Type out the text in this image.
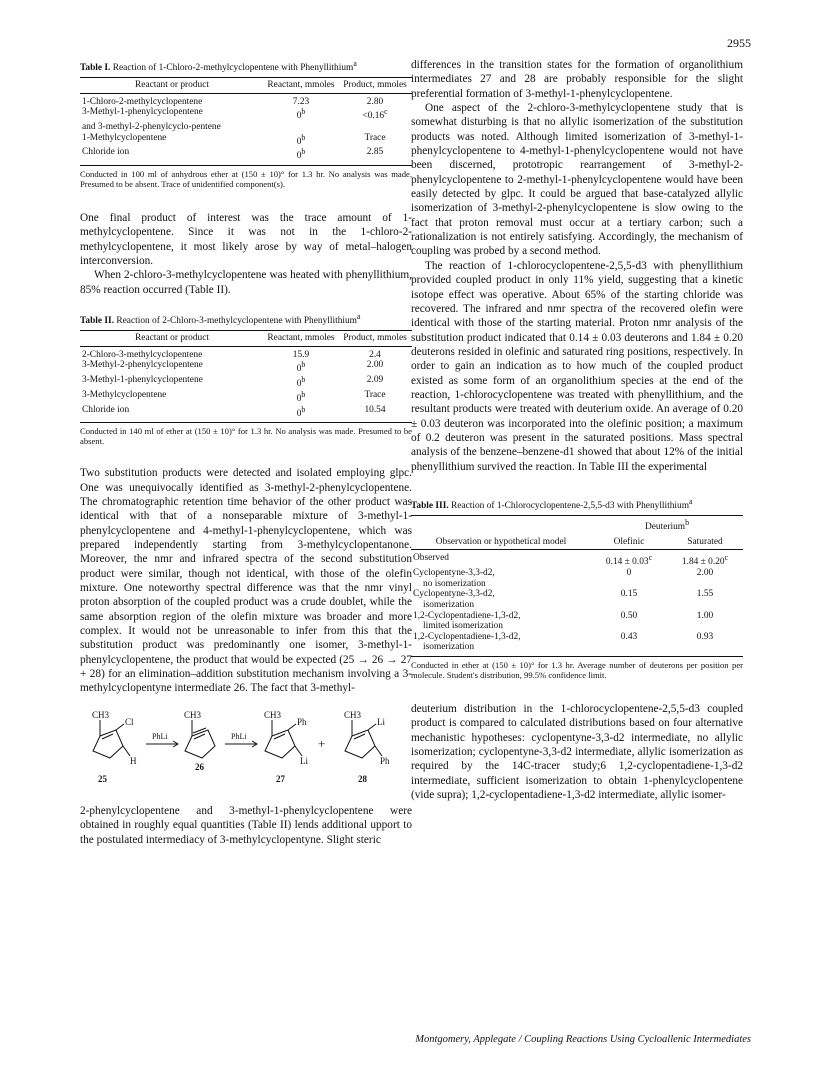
2955
Table I. Reaction of 1-Chloro-2-methylcyclopentene with Phenyllithium$^a$
Reactant or product	Reactant, mmoles	Product, mmoles
1-Chloro-2-methylcyclopentene	7.23	2.80
3-Methyl-1-phenylcyclopentene	$0^b$	<0.16$^c$
and 3-methyl-2-phenylcyclo-pentene		
1-Methylcyclopentene	0$^b$	Trace
Chloride ion	0$^b$	2.85
Conducted in 100 ml of anhydrous ether at (150 ± 10)° for 1.3 hr. No analysis was made. Presumed to be absent. Trace of unidentified component(s).

One final product of interest was the trace amount of 1-methylcyclopentene. Since it was not in the 1-chloro-2-methylcyclopentene, it most likely arose by way of metal–halogen interconversion.

When 2-chloro-3-methylcyclopentene was heated with phenyllithium, 85% reaction occurred (Table II).

Table II. Reaction of 2-Chloro-3-methylcyclopentene with Phenyllithium$^a$
Reactant or product	Reactant, mmoles	Product, mmoles
2-Chloro-3-methylcyclopentene	15.9	2.4
3-Methyl-2-phenylcyclopentene	0$^b$	2.00
3-Methyl-1-phenylcyclopentene	0$^b$	2.09
3-Methylcyclopentene	0$^b$	Trace
Chloride ion	0$^b$	10.54
Conducted in 140 ml of ether at (150 ± 10)° for 1.3 hr. No analysis was made. Presumed to be absent.

Two substitution products were detected and isolated employing glpc. One was unequivocally identified as 3-methyl-2-phenylcyclopentene. The chromatographic retention time behavior of the other product was identical with that of a nonseparable mixture of 3-methyl-1-phenylcyclopentene and 4-methyl-1-phenylcyclopentene, which was prepared independently starting from 3-methylcyclopentanone. Moreover, the nmr and infrared spectra of the second substitution product were similar, though not identical, with those of the olefin mixture. One noteworthy spectral difference was that the nmr vinyl proton absorption of the coupled product was a crude doublet, while the same absorption region of the olefin mixture was broader and more complex. It would not be unreasonable to infer from this that the substitution product was predominantly one isomer, 3-methyl-1-phenylcyclopentene, the product that would be expected (25 → 26 → 27 + 28) for an elimination–addition substitution mechanism involving a 3-methylcyclopentyne intermediate 26. The fact that 3-methyl-

CH3
Cl
H
25
PhLi
CH3
26
PhLi
CH3
Ph
Li
27
+
CH3
Li
Ph
28

2-phenylcyclopentene and 3-methyl-1-phenylcyclopentene were obtained in roughly equal quantities (Table II) lends additional upport to the postulated intermediacy of 3-methylcyclopentyne. Slight steric

differences in the transition states for the formation of organolithium intermediates 27 and 28 are probably responsible for the slight preferential formation of 3-methyl-1-phenylcyclopentene.

One aspect of the 2-chloro-3-methylcyclopentene study that is somewhat disturbing is that no allylic isomerization of the substitution products was noted. Although limited isomerization of 3-methyl-1-phenylcyclopentene to 4-methyl-1-phenylcyclopentene would not have been discerned, prototropic rearrangement of 3-methyl-2-phenylcyclopentene to 2-methyl-1-phenylcyclopentene would have been easily detected by glpc. It could be argued that base-catalyzed allylic isomerization of 3-methyl-2-phenylcyclopentene is slow owing to the fact that proton removal must occur at a tertiary carbon; such a rationalization is not entirely satisfying. Accordingly, the mechanism of coupling was probed by a second method.

The reaction of 1-chlorocyclopentene-2,5,5-d3 with phenyllithium provided coupled product in only 11% yield, suggesting that a kinetic isotope effect was operative. About 65% of the starting chloride was recovered. The infrared and nmr spectra of the recovered olefin were identical with those of the starting material. Proton nmr analysis of the substitution product indicated that 0.14 ± 0.03 deuterons and 1.84 ± 0.20 deuterons resided in olefinic and saturated ring positions, respectively. In order to gain an indication as to how much of the coupled product existed as some form of an organolithium species at the end of the reaction, 1-chlorocyclopentene was treated with phenyllithium, and the resultant products were treated with deuterium oxide. An average of 0.20 ± 0.03 deuteron was incorporated into the olefinic position; a maximum of 0.2 deuteron was present in the saturated positions. Mass spectral analysis of the benzene–benzene-d1 showed that about 12% of the initial phenyllithium survived the reaction. In Table III the experimental

Table III. Reaction of 1-Chlorocyclopentene-2,5,5-d3 with Phenyllithium$^a$
Observation or hypothetical model	Deuterium$^b$
	Olefinic	Saturated
Observed	0.14 ± 0.03$^c$	1.84 ± 0.20$^c$
Cyclopentyne-3,3-d2,
no isomerization	0	2.00
Cyclopentyne-3,3-d2,
isomerization	0.15	1.55
1,2-Cyclopentadiene-1,3-d2,
limited isomerization	0.50	1.00
1,2-Cyclopentadiene-1,3-d2,
isomerization	0.43	0.93
Conducted in ether at (150 ± 10)° for 1.3 hr. Average number of deuterons per position per molecule. Student's distribution, 99.5% confidence limit.

deuterium distribution in the 1-chlorocyclopentene-2,5,5-d3 coupled product is compared to calculated distributions based on four alternative mechanistic hypotheses: cyclopentyne-3,3-d2 intermediate, no allylic isomerization; cyclopentyne-3,3-d2 intermediate, allylic isomerization as required by the 14C-tracer study;6 1,2-cyclopentadiene-1,3-d2 intermediate, sufficient isomerization to obtain 1-phenylcyclopentene (vide supra); 1,2-cyclopentadiene-1,3-d2 intermediate, allylic isomer-

Montgomery, Applegate / Coupling Reactions Using Cycloallenic Intermediates
